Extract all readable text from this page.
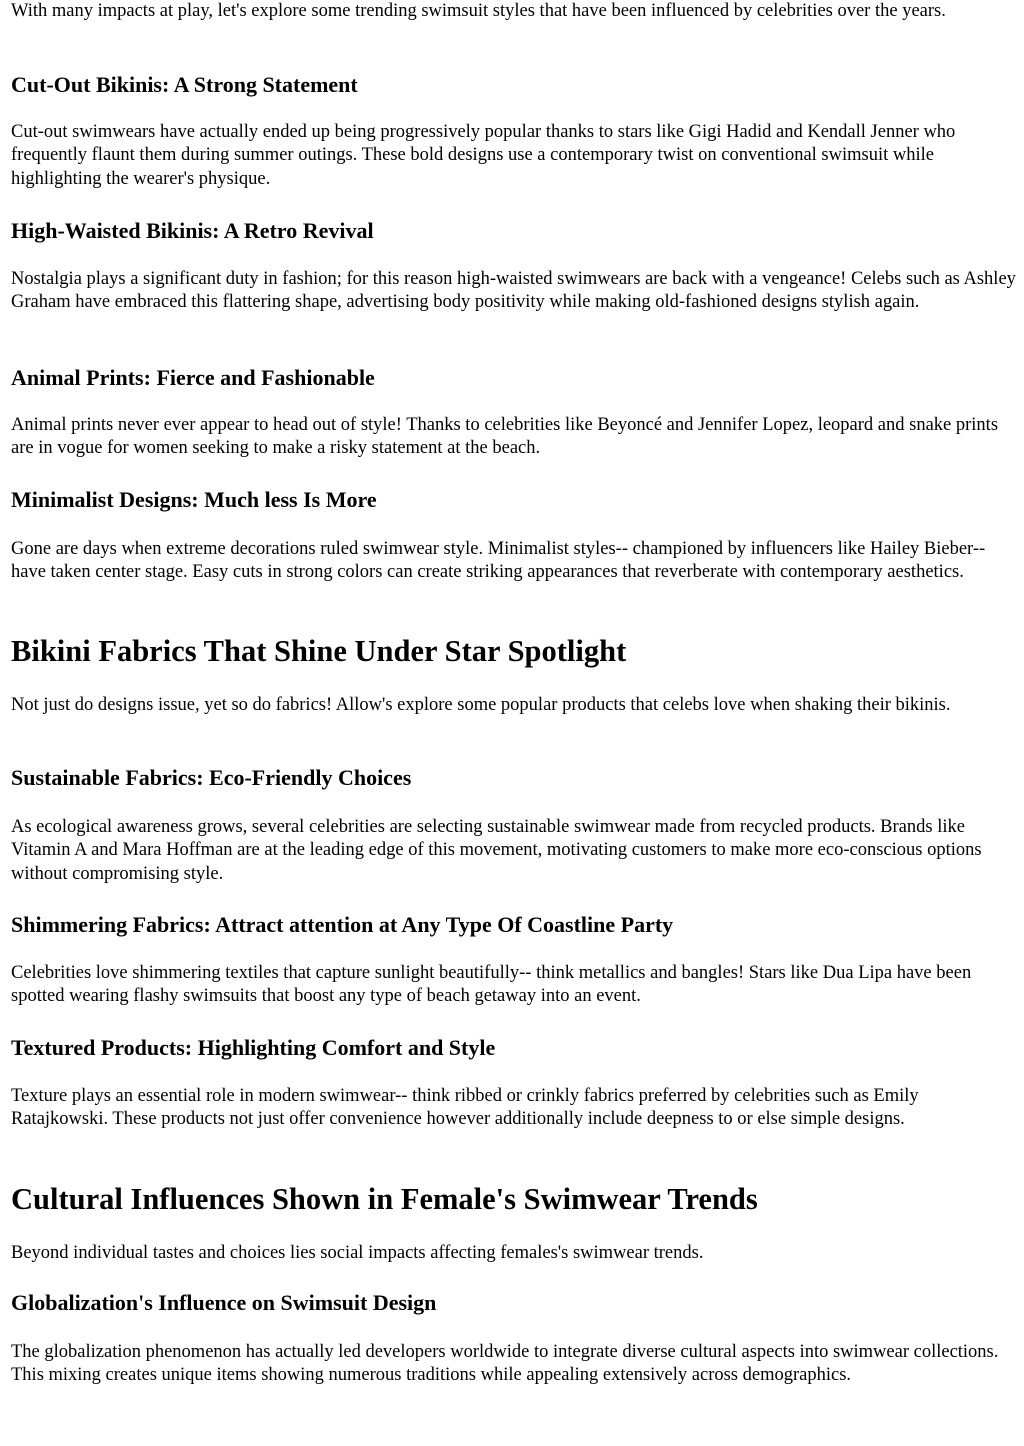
With many impacts at play, let's explore some trending swimsuit styles that have been influenced by celebrities over the years.

Cut-Out Bikinis: A Strong Statement

Cut-out swimwears have actually ended up being progressively popular thanks to stars like Gigi Hadid and Kendall Jenner who frequently flaunt them during summer outings. These bold designs use a contemporary twist on conventional swimsuit while highlighting the wearer's physique.

High-Waisted Bikinis: A Retro Revival

Nostalgia plays a significant duty in fashion; for this reason high-waisted swimwears are back with a vengeance! Celebs such as Ashley Graham have embraced this flattering shape, advertising body positivity while making old-fashioned designs stylish again.

Animal Prints: Fierce and Fashionable

Animal prints never ever appear to head out of style! Thanks to celebrities like Beyoncé and Jennifer Lopez, leopard and snake prints are in vogue for women seeking to make a risky statement at the beach.

Minimalist Designs: Much less Is More

Gone are days when extreme decorations ruled swimwear style. Minimalist styles-- championed by influencers like Hailey Bieber-- have taken center stage. Easy cuts in strong colors can create striking appearances that reverberate with contemporary aesthetics.

Bikini Fabrics That Shine Under Star Spotlight

Not just do designs issue, yet so do fabrics! Allow's explore some popular products that celebs love when shaking their bikinis.

Sustainable Fabrics: Eco-Friendly Choices

As ecological awareness grows, several celebrities are selecting sustainable swimwear made from recycled products. Brands like Vitamin A and Mara Hoffman are at the leading edge of this movement, motivating customers to make more eco-conscious options without compromising style.

Shimmering Fabrics: Attract attention at Any Type Of Coastline Party

Celebrities love shimmering textiles that capture sunlight beautifully-- think metallics and bangles! Stars like Dua Lipa have been spotted wearing flashy swimsuits that boost any type of beach getaway into an event.

Textured Products: Highlighting Comfort and Style

Texture plays an essential role in modern swimwear-- think ribbed or crinkly fabrics preferred by celebrities such as Emily Ratajkowski. These products not just offer convenience however additionally include deepness to or else simple designs.

Cultural Influences Shown in Female's Swimwear Trends

Beyond individual tastes and choices lies social impacts affecting females's swimwear trends.

Globalization's Influence on Swimsuit Design

The globalization phenomenon has actually led developers worldwide to integrate diverse cultural aspects into swimwear collections. This mixing creates unique items showing numerous traditions while appealing extensively across demographics.
